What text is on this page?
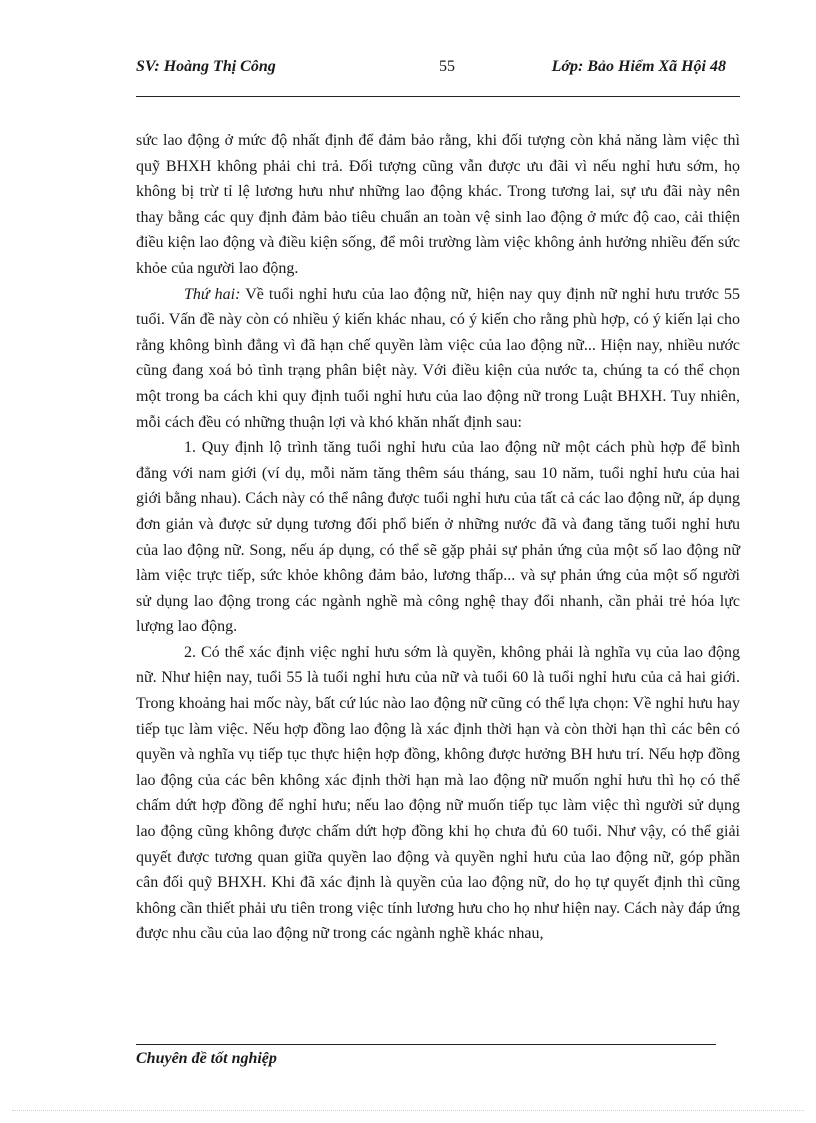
SV: Hoàng Thị Công	55	Lớp: Bảo Hiểm Xã Hội 48

sức lao động ở mức độ nhất định để đảm bảo rằng, khi đối tượng còn khả năng làm việc thì quỹ BHXH không phải chi trả. Đối tượng cũng vẫn được ưu đãi vì nếu nghỉ hưu sớm, họ không bị trừ tỉ lệ lương hưu như những lao động khác. Trong tương lai, sự ưu đãi này nên thay bằng các quy định đảm bảo tiêu chuẩn an toàn vệ sinh lao động ở mức độ cao, cải thiện điều kiện lao động và điều kiện sống, để môi trường làm việc không ảnh hưởng nhiều đến sức khỏe của người lao động.

Thứ hai: Về tuổi nghỉ hưu của lao động nữ, hiện nay quy định nữ nghỉ hưu trước 55 tuổi. Vấn đề này còn có nhiều ý kiến khác nhau, có ý kiến cho rằng phù hợp, có ý kiến lại cho rằng không bình đẳng vì đã hạn chế quyền làm việc của lao động nữ... Hiện nay, nhiều nước cũng đang xoá bỏ tình trạng phân biệt này. Với điều kiện của nước ta, chúng ta có thể chọn một trong ba cách khi quy định tuổi nghỉ hưu của lao động nữ trong Luật BHXH. Tuy nhiên, mỗi cách đều có những thuận lợi và khó khăn nhất định sau:

1. Quy định lộ trình tăng tuổi nghỉ hưu của lao động nữ một cách phù hợp để bình đẳng với nam giới (ví dụ, mỗi năm tăng thêm sáu tháng, sau 10 năm, tuổi nghỉ hưu của hai giới bằng nhau). Cách này có thể nâng được tuổi nghỉ hưu của tất cả các lao động nữ, áp dụng đơn giản và được sử dụng tương đối phổ biến ở những nước đã và đang tăng tuổi nghỉ hưu của lao động nữ. Song, nếu áp dụng, có thể sẽ gặp phải sự phản ứng của một số lao động nữ làm việc trực tiếp, sức khỏe không đảm bảo, lương thấp... và sự phản ứng của một số người sử dụng lao động trong các ngành nghề mà công nghệ thay đổi nhanh, cần phải trẻ hóa lực lượng lao động.

2. Có thể xác định việc nghỉ hưu sớm là quyền, không phải là nghĩa vụ của lao động nữ. Như hiện nay, tuổi 55 là tuổi nghỉ hưu của nữ và tuổi 60 là tuổi nghỉ hưu của cả hai giới. Trong khoảng hai mốc này, bất cứ lúc nào lao động nữ cũng có thể lựa chọn: Về nghỉ hưu hay tiếp tục làm việc. Nếu hợp đồng lao động là xác định thời hạn và còn thời hạn thì các bên có quyền và nghĩa vụ tiếp tục thực hiện hợp đồng, không được hưởng BH hưu trí. Nếu hợp đồng lao động của các bên không xác định thời hạn mà lao động nữ muốn nghỉ hưu thì họ có thể chấm dứt hợp đồng để nghỉ hưu; nếu lao động nữ muốn tiếp tục làm việc thì người sử dụng lao động cũng không được chấm dứt hợp đồng khi họ chưa đủ 60 tuổi. Như vậy, có thể giải quyết được tương quan giữa quyền lao động và quyền nghỉ hưu của lao động nữ, góp phần cân đối quỹ BHXH. Khi đã xác định là quyền của lao động nữ, do họ tự quyết định thì cũng không cần thiết phải ưu tiên trong việc tính lương hưu cho họ như hiện nay. Cách này đáp ứng được nhu cầu của lao động nữ trong các ngành nghề khác nhau,

Chuyên đề tốt nghiệp
